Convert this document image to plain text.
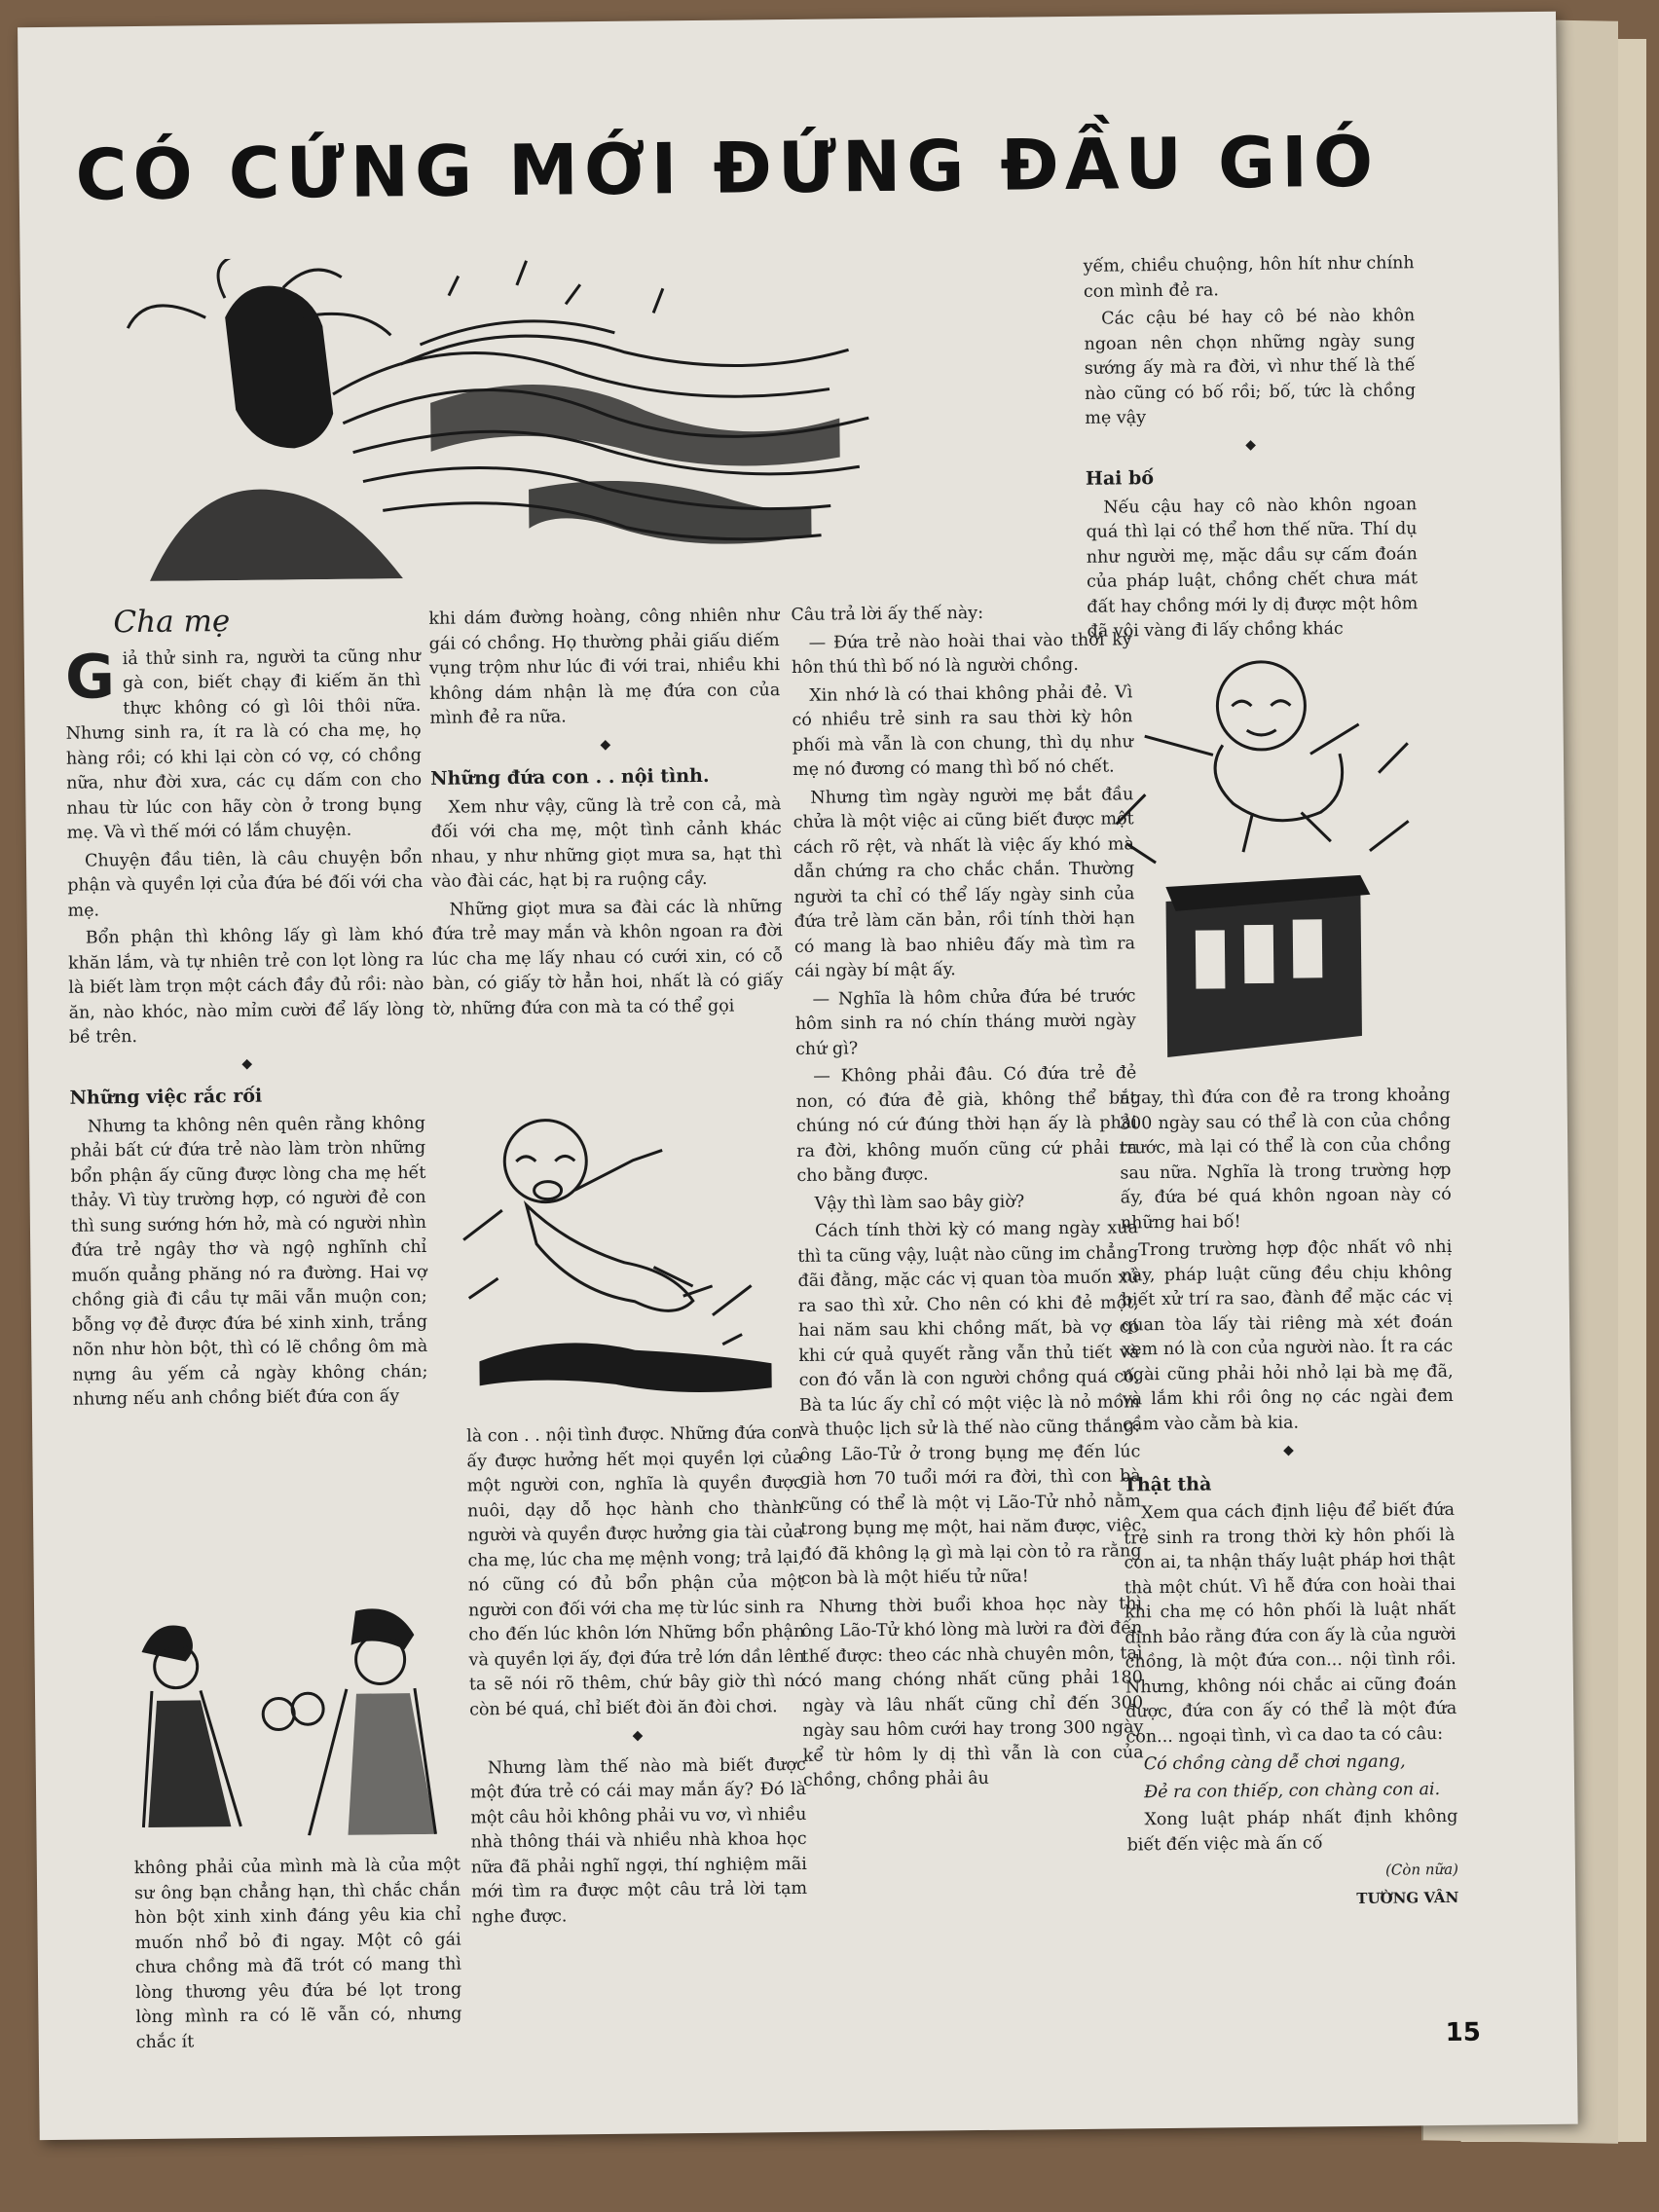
CÓ CỨNG MỚI ĐỨNG ĐẦU GIÓ
Cha mẹ

Giả thử sinh ra, người ta cũng như gà con, biết chạy đi kiếm ăn thì thực không có gì lôi thôi nữa. Nhưng sinh ra, ít ra là có cha mẹ, họ hàng rồi; có khi lại còn có vợ, có chồng nữa, như đời xưa, các cụ dấm con cho nhau từ lúc con hãy còn ở trong bụng mẹ. Và vì thế mới có lắm chuyện.

Chuyện đầu tiên, là câu chuyện bổn phận và quyền lợi của đứa bé đối với cha mẹ.

Bổn phận thì không lấy gì làm khó khăn lắm, và tự nhiên trẻ con lọt lòng ra là biết làm trọn một cách đầy đủ rồi: nào ăn, nào khóc, nào mỉm cười để lấy lòng bề trên.

◆
Những việc rắc rối

Nhưng ta không nên quên rằng không phải bất cứ đứa trẻ nào làm tròn những bổn phận ấy cũng được lòng cha mẹ hết thảy. Vì tùy trường hợp, có người đẻ con thì sung sướng hớn hở, mà có người nhìn đứa trẻ ngây thơ và ngộ nghĩnh chỉ muốn quẳng phăng nó ra đường. Hai vợ chồng già đi cầu tự mãi vẫn muộn con; bỗng vợ đẻ được đứa bé xinh xinh, trắng nõn như hòn bột, thì có lẽ chồng ôm mà nựng âu yếm cả ngày không chán; nhưng nếu anh chồng biết đứa con ấy

không phải của mình mà là của một sư ông bạn chẳng hạn, thì chắc chắn hòn bột xinh xinh đáng yêu kia chỉ muốn nhổ bỏ đi ngay. Một cô gái chưa chồng mà đã trót có mang thì lòng thương yêu đứa bé lọt trong lòng mình ra có lẽ vẫn có, nhưng chắc ít

khi dám đường hoàng, công nhiên như gái có chồng. Họ thường phải giấu diếm vụng trộm như lúc đi với trai, nhiều khi không dám nhận là mẹ đứa con của mình đẻ ra nữa.

◆
Những đứa con . . nội tình.

Xem như vậy, cũng là trẻ con cả, mà đối với cha mẹ, một tình cảnh khác nhau, y như những giọt mưa sa, hạt thì vào đài các, hạt bị ra ruộng cầy.

Những giọt mưa sa đài các là những đứa trẻ may mắn và khôn ngoan ra đời lúc cha mẹ lấy nhau có cưới xin, có cỗ bàn, có giấy tờ hẳn hoi, nhất là có giấy tờ, những đứa con mà ta có thể gọi

là con . . nội tình được. Những đứa con ấy được hưởng hết mọi quyền lợi của một người con, nghĩa là quyền được nuôi, dạy dỗ học hành cho thành người và quyền được hưởng gia tài của cha mẹ, lúc cha mẹ mệnh vong; trả lại, nó cũng có đủ bổn phận của một người con đối với cha mẹ từ lúc sinh ra cho đến lúc khôn lớn Những bổn phận và quyền lợi ấy, đợi đứa trẻ lớn dần lên ta sẽ nói rõ thêm, chứ bây giờ thì nó còn bé quá, chỉ biết đòi ăn đòi chơi.

◆

Nhưng làm thế nào mà biết được một đứa trẻ có cái may mắn ấy? Đó là một câu hỏi không phải vu vơ, vì nhiều nhà thông thái và nhiều nhà khoa học nữa đã phải nghĩ ngợi, thí nghiệm mãi mới tìm ra được một câu trả lời tạm nghe được.

Câu trả lời ấy thế này:

— Đứa trẻ nào hoài thai vào thời kỳ hôn thú thì bố nó là người chồng.

Xin nhớ là có thai không phải đẻ. Vì có nhiều trẻ sinh ra sau thời kỳ hôn phối mà vẫn là con chung, thì dụ như mẹ nó đương có mang thì bố nó chết.

Nhưng tìm ngày người mẹ bắt đầu chửa là một việc ai cũng biết được một cách rõ rệt, và nhất là việc ấy khó mà dẫn chứng ra cho chắc chắn. Thường người ta chỉ có thể lấy ngày sinh của đứa trẻ làm căn bản, rồi tính thời hạn có mang là bao nhiêu đấy mà tìm ra cái ngày bí mật ấy.

— Nghĩa là hôm chửa đứa bé trước hôm sinh ra nó chín tháng mười ngày chứ gì?

— Không phải đâu. Có đứa trẻ đẻ non, có đứa đẻ già, không thể bắt chúng nó cứ đúng thời hạn ấy là phải ra đời, không muốn cũng cứ phải ra cho bằng được.

Vậy thì làm sao bây giờ?

Cách tính thời kỳ có mang ngày xưa thì ta cũng vậy, luật nào cũng im chẳng đãi đằng, mặc các vị quan tòa muốn xử ra sao thì xử. Cho nên có khi đẻ một, hai năm sau khi chồng mất, bà vợ có khi cứ quả quyết rằng vẫn thủ tiết và con đó vẫn là con người chồng quá cố. Bà ta lúc ấy chỉ có một việc là nỏ mồm và thuộc lịch sử là thế nào cũng thắng: ông Lão-Tử ở trong bụng mẹ đến lúc già hơn 70 tuổi mới ra đời, thì con bà cũng có thể là một vị Lão-Tử nhỏ nằm trong bụng mẹ một, hai năm được, việc đó đã không lạ gì mà lại còn tỏ ra rằng con bà là một hiếu tử nữa!

Nhưng thời buổi khoa học này thì ông Lão-Tử khó lòng mà lười ra đời đến thế được: theo các nhà chuyên môn, tại có mang chóng nhất cũng phải 180 ngày và lâu nhất cũng chỉ đến 300 ngày sau hôm cưới hay trong 300 ngày kể từ hôm ly dị thì vẫn là con của chồng, chồng phải âu

yếm, chiều chuộng, hôn hít như chính con mình đẻ ra.

Các cậu bé hay cô bé nào khôn ngoan nên chọn những ngày sung sướng ấy mà ra đời, vì như thế là thế nào cũng có bố rồi; bố, tức là chồng mẹ vậy

◆
Hai bố

Nếu cậu hay cô nào khôn ngoan quá thì lại có thể hơn thế nữa. Thí dụ như người mẹ, mặc dầu sự cấm đoán của pháp luật, chồng chết chưa mát đất hay chồng mới ly dị được một hôm đã vội vàng đi lấy chồng khác

ngay, thì đứa con đẻ ra trong khoảng 300 ngày sau có thể là con của chồng trước, mà lại có thể là con của chồng sau nữa. Nghĩa là trong trường hợp ấy, đứa bé quá khôn ngoan này có những hai bố!

Trong trường hợp độc nhất vô nhị này, pháp luật cũng đều chịu không biết xử trí ra sao, đành để mặc các vị quan tòa lấy tài riêng mà xét đoán xem nó là con của người nào. Ít ra các ngài cũng phải hỏi nhỏ lại bà mẹ đã, và lắm khi rồi ông nọ các ngài đem cầm vào cằm bà kia.

◆
Thật thà

Xem qua cách định liệu để biết đứa trẻ sinh ra trong thời kỳ hôn phối là con ai, ta nhận thấy luật pháp hơi thật thà một chút. Vì hễ đứa con hoài thai khi cha mẹ có hôn phối là luật nhất định bảo rằng đứa con ấy là của người chồng, là một đứa con... nội tình rồi. Nhưng, không nói chắc ai cũng đoán được, đứa con ấy có thể là một đứa con... ngoại tình, vì ca dao ta có câu:

Có chồng càng dễ chơi ngang,

Đẻ ra con thiếp, con chàng con ai.

Xong luật pháp nhất định không biết đến việc mà ấn cố

(Còn nữa)

TƯỜNG VÂN

15
